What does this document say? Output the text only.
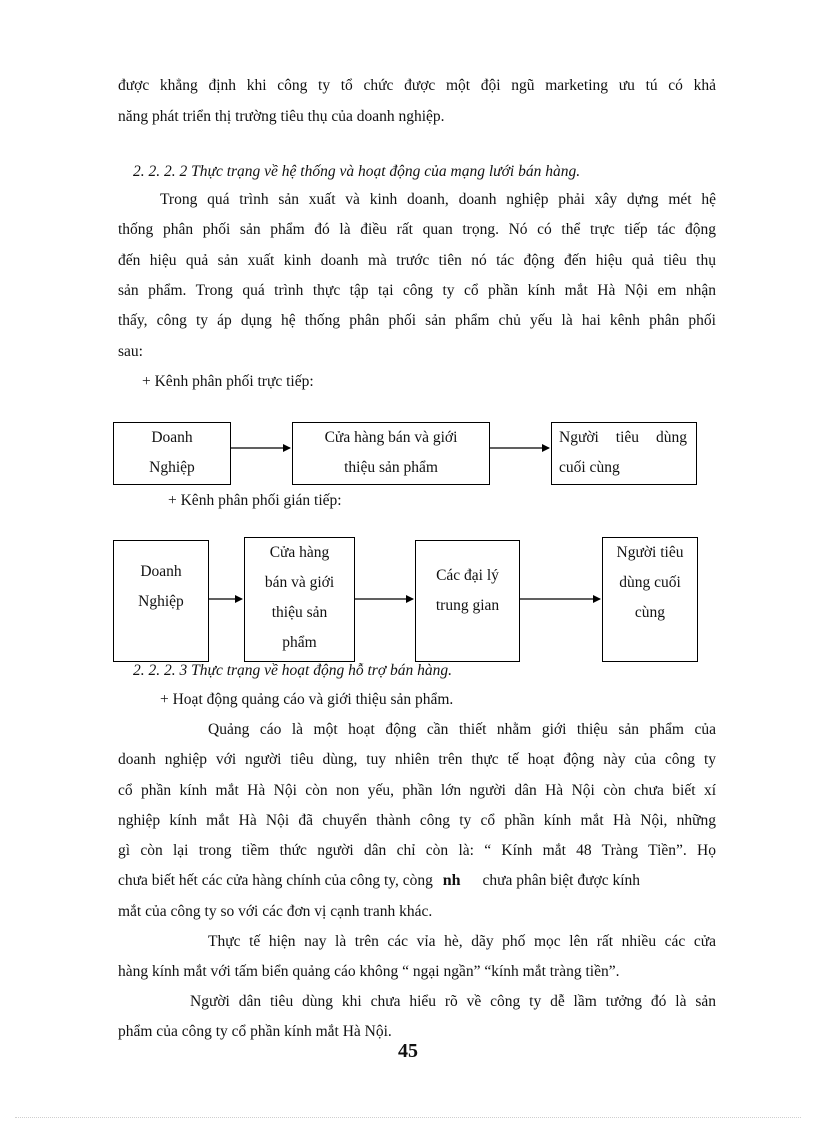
được khẳng định khi công ty tổ chức được một đội ngũ marketing ưu tú có khả
năng phát triển thị trường tiêu thụ của doanh nghiệp.
2. 2. 2. 2 Thực trạng về hệ thống và hoạt động của mạng lưới bán hàng.
Trong quá trình sản xuất và kinh doanh, doanh nghiệp phải xây dựng mét hệ
thống phân phối sản phẩm đó là điều rất quan trọng. Nó có thể trực tiếp tác động
đến hiệu quả sản xuất kinh doanh mà trước tiên nó tác động đến hiệu quả tiêu thụ
sản phẩm. Trong quá trình thực tập tại công ty cổ phần kính mắt Hà Nội em nhận
thấy, công ty áp dụng hệ thống phân phối sản phẩm chủ yếu là hai kênh phân phối
sau:
+ Kênh phân phối trực tiếp:
Doanh
Nghiệp
Cửa hàng bán và giới
thiệu sản phẩm
Người tiêu dùng
cuối cùng
+ Kênh phân phối gián tiếp:
Doanh
Nghiệp
Cửa hàng
bán và giới
thiệu sản
phẩm
Các đại lý
trung gian
Người tiêu
dùng cuối
cùng
2. 2. 2. 3 Thực trạng về hoạt động hỗ trợ bán hàng.
+ Hoạt động quảng cáo và giới thiệu sản phẩm.
Quảng cáo là một hoạt động cần thiết nhằm giới thiệu sản phẩm của
doanh nghiệp với người tiêu dùng, tuy nhiên trên thực tế hoạt động này của công ty
cổ phần kính mắt Hà Nội còn non yếu, phần lớn người dân Hà Nội còn chưa biết xí
nghiệp kính mắt Hà Nội đã chuyển thành công ty cổ phần kính mắt Hà Nội, những
gì còn lại trong tiềm thức người dân chỉ còn là: “ Kính mắt 48 Tràng Tiền”. Họ
chưa biết hết các cửa hàng chính của công ty, còng nh chưa phân biệt được kính
mắt của công ty so với các đơn vị cạnh tranh khác.
Thực tế hiện nay là trên các vỉa hè, dãy phố mọc lên rất nhiều các cửa
hàng kính mắt với tấm biển quảng cáo không “ ngại ngần” “kính mắt tràng tiền”.
Người dân tiêu dùng khi chưa hiểu rõ về công ty dễ lầm tưởng đó là sản
phẩm của công ty cổ phần kính mắt Hà Nội.
45
